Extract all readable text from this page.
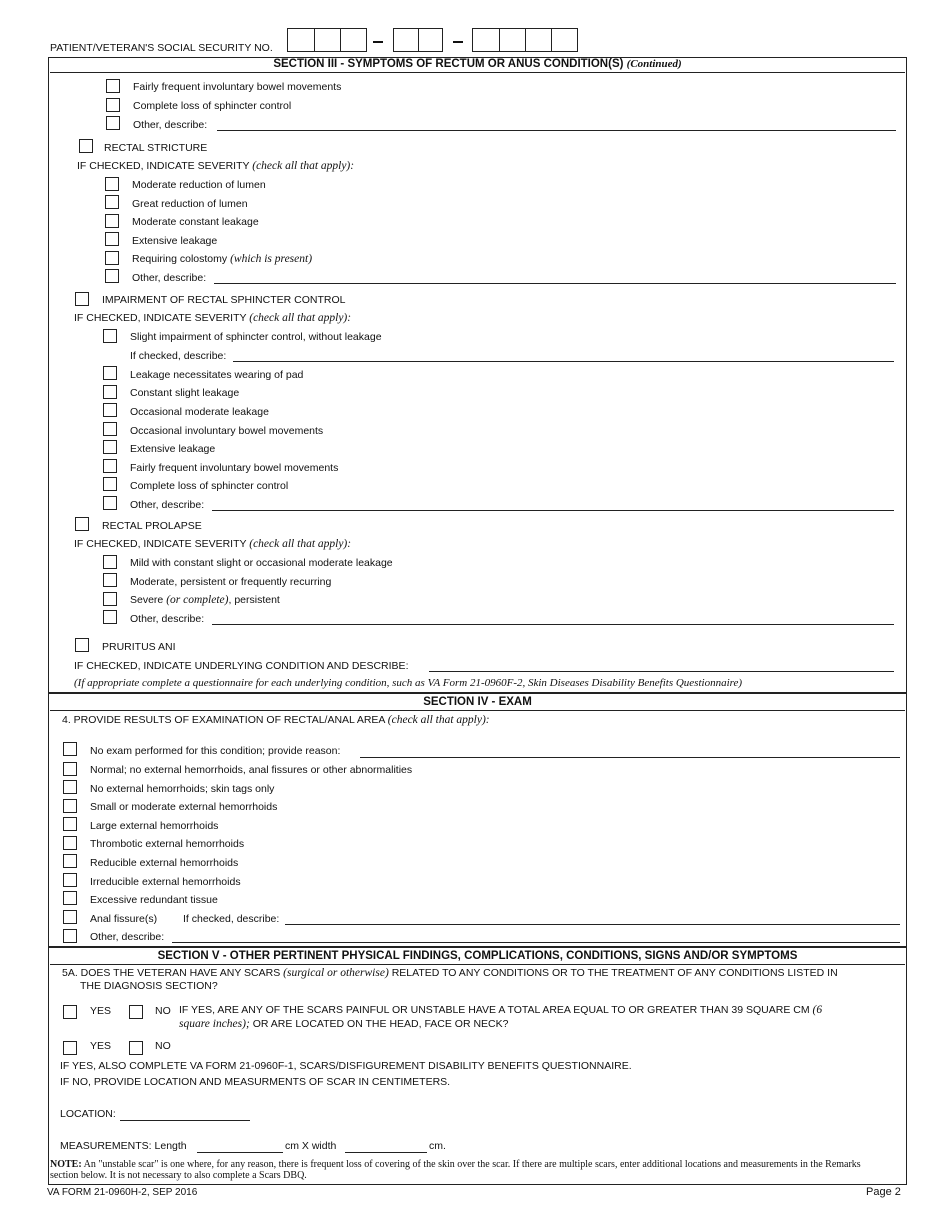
PATIENT/VETERAN'S SOCIAL SECURITY NO.
SECTION III - SYMPTOMS OF RECTUM OR ANUS CONDITION(S) (Continued)
Fairly frequent involuntary bowel movements
Complete loss of sphincter control
Other, describe:
RECTAL STRICTURE
IF CHECKED, INDICATE SEVERITY (check all that apply):
Moderate reduction of lumen
Great reduction of lumen
Moderate constant leakage
Extensive leakage
Requiring colostomy (which is present)
Other, describe:
IMPAIRMENT OF RECTAL SPHINCTER CONTROL
IF CHECKED, INDICATE SEVERITY (check all that apply):
Slight impairment of sphincter control, without leakage
If checked, describe:
Leakage necessitates wearing of pad
Constant slight leakage
Occasional moderate leakage
Occasional involuntary bowel movements
Extensive leakage
Fairly frequent involuntary bowel movements
Complete loss of sphincter control
Other, describe:
RECTAL PROLAPSE
IF CHECKED, INDICATE SEVERITY (check all that apply):
Mild with constant slight or occasional moderate leakage
Moderate, persistent or frequently recurring
Severe (or complete), persistent
Other, describe:
PRURITUS ANI
IF CHECKED, INDICATE UNDERLYING CONDITION AND DESCRIBE:
(If appropriate complete a questionnaire for each underlying condition, such as VA Form 21-0960F-2, Skin Diseases Disability Benefits Questionnaire)
SECTION IV - EXAM
4. PROVIDE RESULTS OF EXAMINATION OF RECTAL/ANAL AREA (check all that apply):
No exam performed for this condition; provide reason:
Normal; no external hemorrhoids, anal fissures or other abnormalities
No external hemorrhoids; skin tags only
Small or moderate external hemorrhoids
Large external hemorrhoids
Thrombotic external hemorrhoids
Reducible external hemorrhoids
Irreducible external hemorrhoids
Excessive redundant tissue
Anal fissure(s) If checked, describe:
Other, describe:
SECTION V - OTHER PERTINENT PHYSICAL FINDINGS, COMPLICATIONS, CONDITIONS, SIGNS AND/OR SYMPTOMS
5A. DOES THE VETERAN HAVE ANY SCARS (surgical or otherwise) RELATED TO ANY CONDITIONS OR TO THE TREATMENT OF ANY CONDITIONS LISTED IN
THE DIAGNOSIS SECTION?
YES	NO IF YES, ARE ANY OF THE SCARS PAINFUL OR UNSTABLE HAVE A TOTAL AREA EQUAL TO OR GREATER THAN 39 SQUARE CM (6
square inches); OR ARE LOCATED ON THE HEAD, FACE OR NECK?
YES	NO
IF YES, ALSO COMPLETE VA FORM 21-0960F-1, SCARS/DISFIGUREMENT DISABILITY BENEFITS QUESTIONNAIRE.
IF NO, PROVIDE LOCATION AND MEASURMENTS OF SCAR IN CENTIMETERS.
LOCATION:
MEASUREMENTS: Length	cm X width	cm.
NOTE: An "unstable scar" is one where, for any reason, there is frequent loss of covering of the skin over the scar. If there are multiple scars, enter additional locations and measurements in the Remarks section below. It is not necessary to also complete a Scars DBQ.
VA FORM 21-0960H-2, SEP 2016	Page 2
